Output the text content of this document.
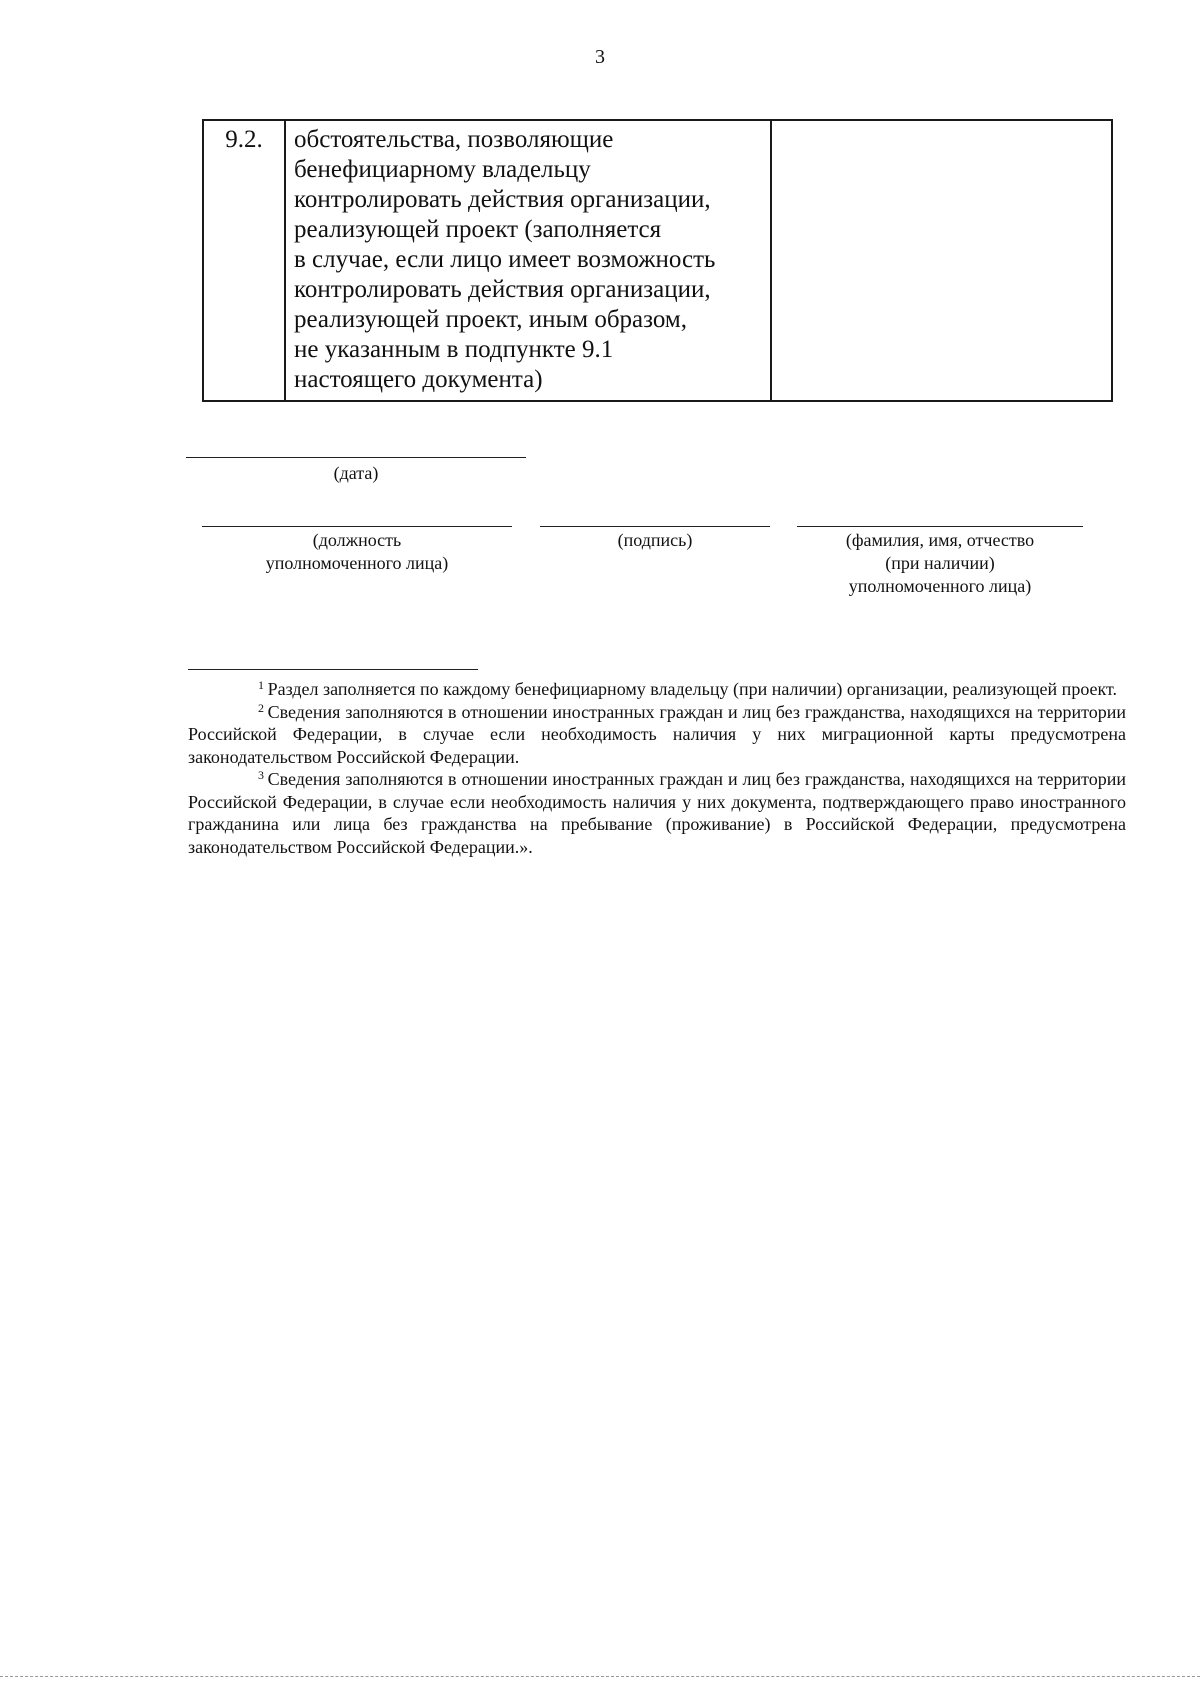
3
9.2.	обстоятельства, позволяющие
бенефициарному владельцу
контролировать действия организации,
реализующей проект (заполняется
в случае, если лицо имеет возможность
контролировать действия организации,
реализующей проект, иным образом,
не указанным в подпункте 9.1
настоящего документа)

(дата)
(должность
уполномоченного лица)
(подпись)	(фамилия, имя, отчество
(при наличии)
уполномоченного лица)

$^1$  Раздел заполняется по каждому бенефициарному владельцу (при наличии) организации, реализующей проект.

$^2$  Сведения заполняются в отношении иностранных граждан и лиц без гражданства, находящихся на территории Российской Федерации, в случае если необходимость наличия у них миграционной карты предусмотрена законодательством Российской Федерации.

$^3$  Сведения заполняются в отношении иностранных граждан и лиц без гражданства, находящихся на территории Российской Федерации, в случае если необходимость наличия у них документа, подтверждающего право иностранного гражданина или лица без гражданства на пребывание (проживание) в Российской Федерации, предусмотрена законодательством Российской Федерации.».
